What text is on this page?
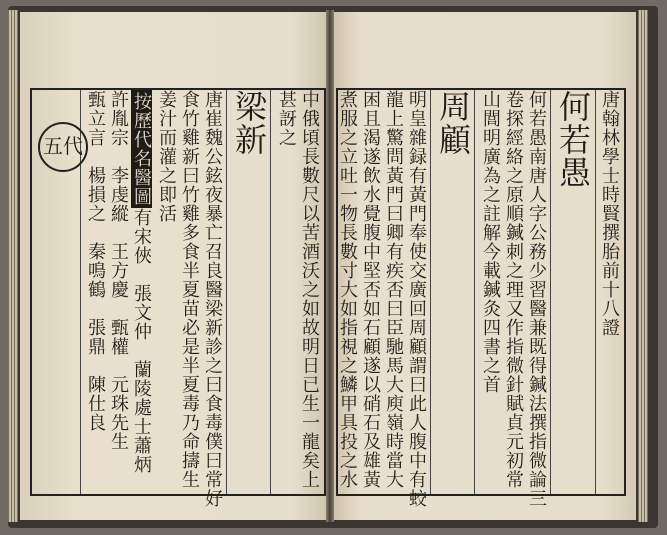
唐翰林學士時賢撰胎前十八證
何若愚
何若愚南唐人字公務少習醫兼既得鍼法撰指微論三
卷探經絡之原順鍼刺之理又作指微針賦貞元初常
山閭明廣為之註解今載鍼灸四書之首
周顧
明皇雜録有黃門奉使交廣回周顧謂曰此人腹中有蛟
龍上驚問黃門曰卿有疾否曰臣馳馬大庾嶺時當大
困且渴遂飲水覺腹中堅否如石顧遂以硝石及雄黃
煮服之立吐一物長數寸大如指視之鱗甲具投之水
中俄頃長數尺以苦酒沃之如故明日已生一龍矣上
甚訝之
梁新
唐崔魏公鉉夜暴亡召良醫梁新診之曰食毒僕曰常好
食竹雞新曰竹雞多食半夏苗必是半夏毒乃命擣生
姜汁而灌之即活
按歷代名醫圖有宋俠　張文仲　蘭陵處士蕭炳
許胤宗　李虔縱　王方慶　甄權　元珠先生
甄立言　楊損之　秦鳴鶴　張鼎　陳仕良
五代
